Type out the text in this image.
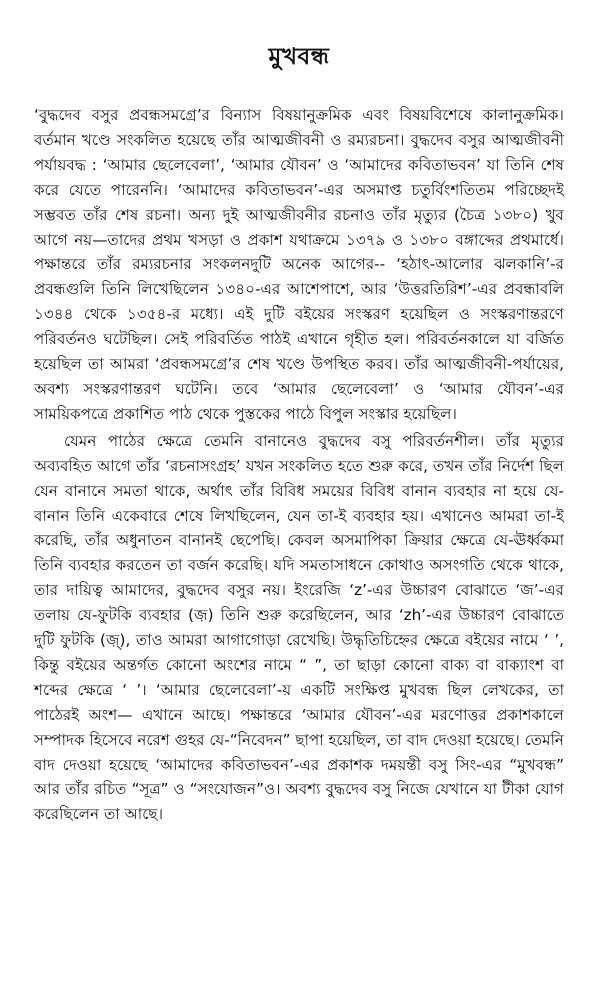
মুখবন্ধ

‘বুদ্ধদেব বসুর প্রবন্ধসমগ্রে’র বিন্যাস বিষয়ানুক্রমিক এবং বিষয়বিশেষে কালানুক্রমিক। বর্তমান খণ্ডে সংকলিত হয়েছে তাঁর আত্মজীবনী ও রম্যরচনা। বুদ্ধদেব বসুর আত্মজীবনী পর্যায়বদ্ধ : ‘আমার ছেলেবেলা’, ‘আমার যৌবন’ ও ‘আমাদের কবিতাভবন’ যা তিনি শেষ করে যেতে পারেননি। ‘আমাদের কবিতাভবন’-এর অসমাপ্ত চতুর্বিংশতিতম পরিচ্ছেদই সম্ভবত তাঁর শেষ রচনা। অন্য দুই আত্মজীবনীর রচনাও তাঁর মৃত্যুর (চৈত্র ১৩৮০) খুব আগে নয়—তাদের প্রথম খসড়া ও প্রকাশ যথাক্রমে ১৩৭৯ ও ১৩৮০ বঙ্গাব্দের প্রথমার্ধে। পক্ষান্তরে তাঁর রম্যরচনার সংকলনদুটি অনেক আগের-- ‘হঠাৎ-আলোর ঝলকানি’-র প্রবন্ধগুলি তিনি লিখেছিলেন ১৩৪০-এর আশেপাশে, আর ‘উত্তরতিরিশ’-এর প্রবন্ধাবলি ১৩৪৪ থেকে ১৩৫৪-র মধ্যে। এই দুটি বইয়ের সংস্করণ হয়েছিল ও সংস্করণান্তরণে পরিবর্তনও ঘটেছিল। সেই পরিবর্তিত পাঠই এখানে গৃহীত হল। পরিবর্তনকালে যা বর্জিত হয়েছিল তা আমরা ‘প্রবন্ধসমগ্রে’র শেষ খণ্ডে উপস্থিত করব। তাঁর আত্মজীবনী-পর্যায়ের, অবশ্য সংস্করণান্তরণ ঘটেনি। তবে ‘আমার ছেলেবেলা’ ও ‘আমার যৌবন’-এর সাময়িকপত্রে প্রকাশিত পাঠ থেকে পুস্তকের পাঠে বিপুল সংস্কার হয়েছিল।

যেমন পাঠের ক্ষেত্রে তেমনি বানানেও বুদ্ধদেব বসু পরিবর্তনশীল। তাঁর মৃত্যুর অব্যবহিত আগে তাঁর ‘রচনাসংগ্রহ’ যখন সংকলিত হতে শুরু করে, তখন তাঁর নির্দেশ ছিল যেন বানানে সমতা থাকে, অর্থাৎ তাঁর বিবিধ সময়ের বিবিধ বানান ব্যবহার না হয়ে যে-বানান তিনি একেবারে শেষে লিখছিলেন, যেন তা-ই ব্যবহার হয়। এখানেও আমরা তা-ই করেছি, তাঁর অধুনাতন বানানই ছেপেছি। কেবল অসমাপিকা ক্রিয়ার ক্ষেত্রে যে-ঊর্ধ্বকমা তিনি ব্যবহার করতেন তা বর্জন করেছি। যদি সমতাসাধনে কোথাও অসংগতি থেকে থাকে, তার দায়িত্ব আমাদের, বুদ্ধদেব বসুর নয়। ইংরেজি ‘z’-এর উচ্চারণ বোঝাতে ‘জ’-এর তলায় যে-ফুটকি ব্যবহার (জ়) তিনি শুরু করেছিলেন, আর ‘zh’-এর উচ্চারণ বোঝাতে দুটি ফুটকি (জ়্), তাও আমরা আগাগোড়া রেখেছি। উদ্ধৃতিচিহ্নের ক্ষেত্রে বইয়ের নামে ‘ ’, কিন্তু বইয়ের অন্তর্গত কোনো অংশের নামে “ ”, তা ছাড়া কোনো বাক্য বা বাক্যাংশ বা শব্দের ক্ষেত্রে ‘ ’। ‘আমার ছেলেবেলা’-য় একটি সংক্ষিপ্ত মুখবন্ধ ছিল লেখকের, তা পাঠেরই অংশ— এখানে আছে। পক্ষান্তরে ‘আমার যৌবন’-এর মরণোত্তর প্রকাশকালে সম্পাদক হিসেবে নরেশ গুহর যে-“নিবেদন” ছাপা হয়েছিল, তা বাদ দেওয়া হয়েছে। তেমনি বাদ দেওয়া হয়েছে ‘আমাদের কবিতাভবন’-এর প্রকাশক দময়ন্তী বসু সিং-এর “মুখবন্ধ” আর তাঁর রচিত “সূত্র” ও “সংযোজন”ও। অবশ্য বুদ্ধদেব বসু নিজে যেখানে যা টীকা যোগ করেছিলেন তা আছে।
